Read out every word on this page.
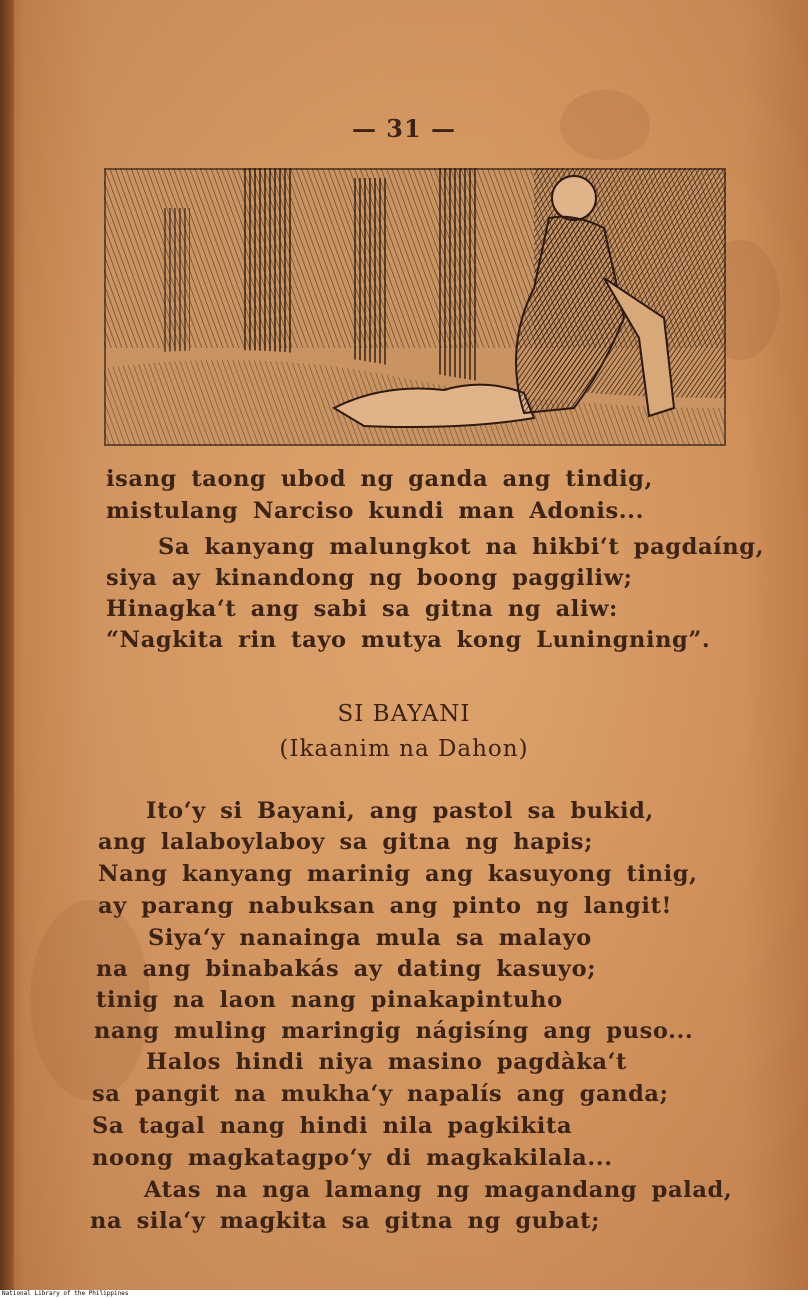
— 31 —
isang taong ubod ng ganda ang tindig,
mistulang Narciso kundi man Adonis...
Sa kanyang malungkot na hikbi‘t pagdaíng,
siya ay kinandong ng boong paggiliw;
Hinagka‘t ang sabi sa gitna ng aliw:
“Nagkita rin tayo mutya kong Luningning”.
SI BAYANI
(Ikaanim na Dahon)
Ito‘y si Bayani, ang pastol sa bukid,
ang lalaboylaboy sa gitna ng hapis;
Nang kanyang marinig ang kasuyong tinig,
ay parang nabuksan ang pinto ng langit!
Siya‘y nanainga mula sa malayo
na ang binabakás ay dating kasuyo;
tinig na laon nang pinakapintuho
nang muling maringig nágisíng ang puso...
Halos hindi niya masino pagdàka‘t
sa pangit na mukha‘y napalís ang ganda;
Sa tagal nang hindi nila pagkikita
noong magkatagpo‘y di magkakilala...
Atas na nga lamang ng magandang palad,
na sila‘y magkita sa gitna ng gubat;
National Library of the Philippines
